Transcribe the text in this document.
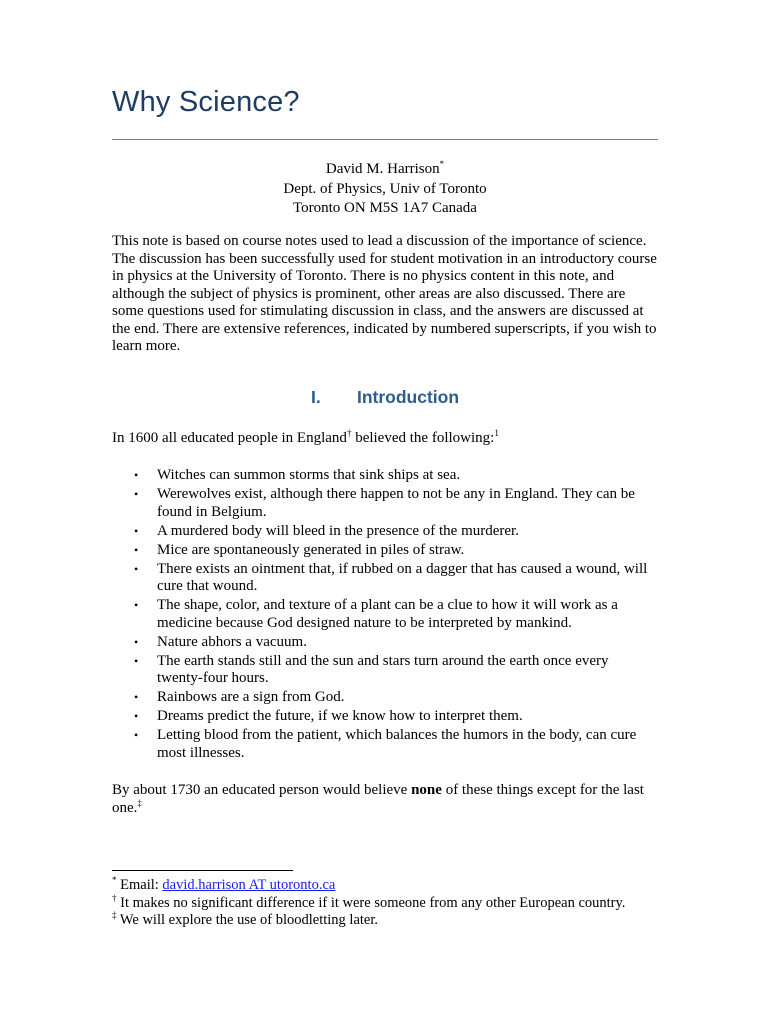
Why Science?
David M. Harrison*
Dept. of Physics, Univ of Toronto
Toronto ON M5S 1A7 Canada

This note is based on course notes used to lead a discussion of the importance of science. The discussion has been successfully used for student motivation in an introductory course in physics at the University of Toronto. There is no physics content in this note, and although the subject of physics is prominent, other areas are also discussed. There are some questions used for stimulating discussion in class, and the answers are discussed at the end. There are extensive references, indicated by numbered superscripts, if you wish to learn more.

I. Introduction

In 1600 all educated people in England† believed the following:$^1$

• Witches can summon storms that sink ships at sea.
• Werewolves exist, although there happen to not be any in England. They can be found in Belgium.
• A murdered body will bleed in the presence of the murderer.
• Mice are spontaneously generated in piles of straw.
• There exists an ointment that, if rubbed on a dagger that has caused a wound, will cure that wound.
• The shape, color, and texture of a plant can be a clue to how it will work as a medicine because God designed nature to be interpreted by mankind.
• Nature abhors a vacuum.
• The earth stands still and the sun and stars turn around the earth once every twenty-four hours.
• Rainbows are a sign from God.
• Dreams predict the future, if we know how to interpret them.
• Letting blood from the patient, which balances the humors in the body, can cure most illnesses.

By about 1730 an educated person would believe none of these things except for the last one.‡

* Email: david.harrison AT utoronto.ca
† It makes no significant difference if it were someone from any other European country.
‡ We will explore the use of bloodletting later.
